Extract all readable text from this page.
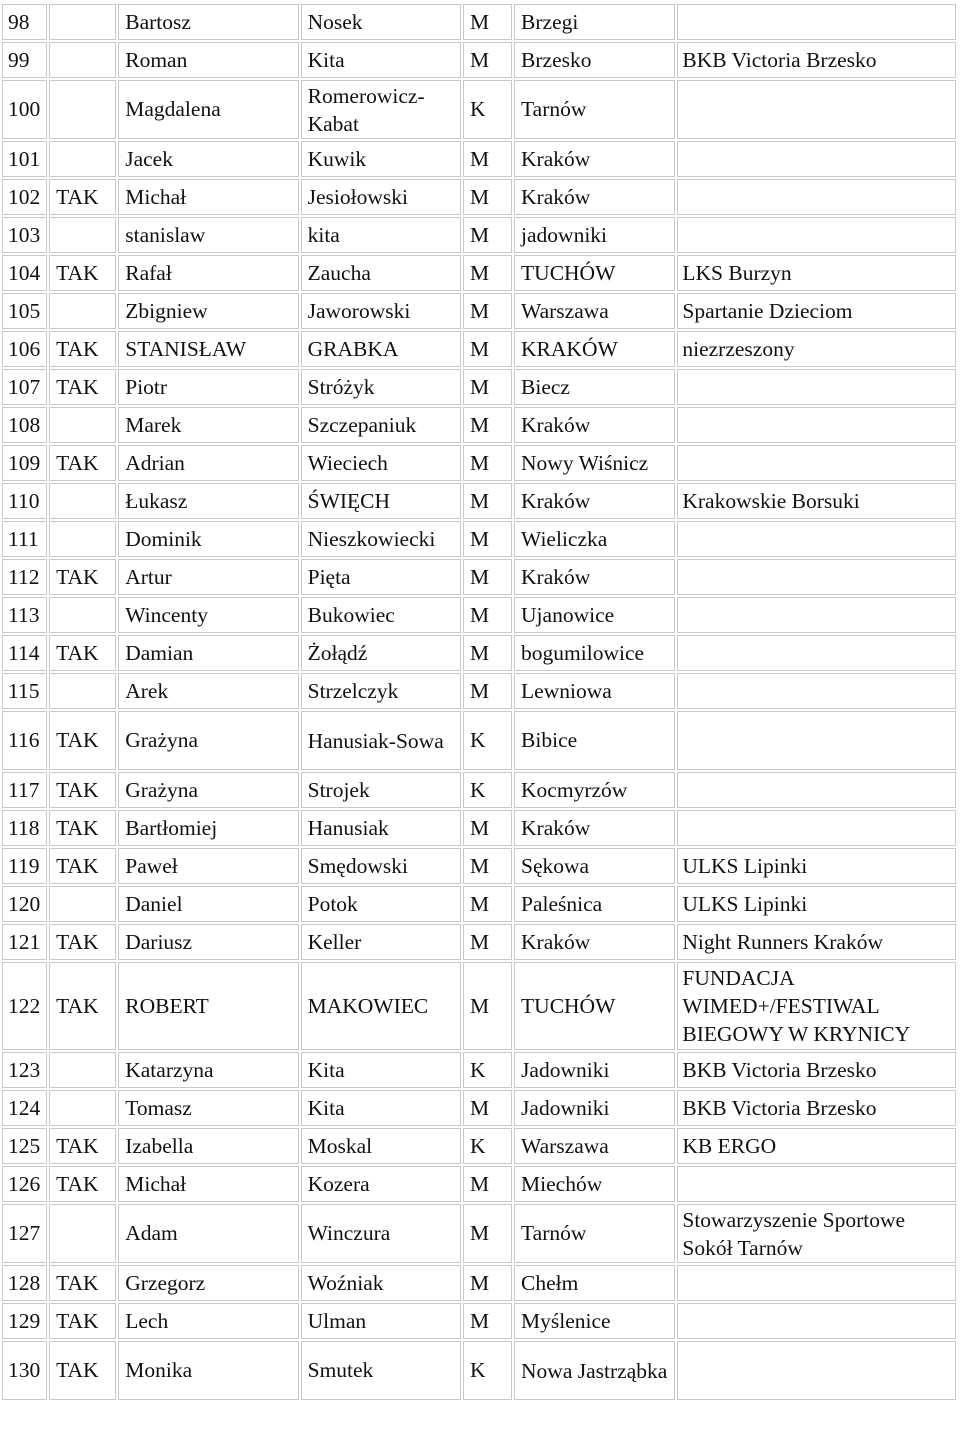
98		Bartosz	Nosek	M	Brzegi	
99		Roman	Kita	M	Brzesko	BKB Victoria Brzesko
100		Magdalena	Romerowicz-Kabat	K	Tarnów	
101		Jacek	Kuwik	M	Kraków	
102	TAK	Michał	Jesiołowski	M	Kraków	
103		stanislaw	kita	M	jadowniki	
104	TAK	Rafał	Zaucha	M	TUCHÓW	LKS Burzyn
105		Zbigniew	Jaworowski	M	Warszawa	Spartanie Dzieciom
106	TAK	STANISŁAW	GRABKA	M	KRAKÓW	niezrzeszony
107	TAK	Piotr	Stróżyk	M	Biecz	
108		Marek	Szczepaniuk	M	Kraków	
109	TAK	Adrian	Wieciech	M	Nowy Wiśnicz	
110		Łukasz	ŚWIĘCH	M	Kraków	Krakowskie Borsuki
111		Dominik	Nieszkowiecki	M	Wieliczka	
112	TAK	Artur	Pięta	M	Kraków	
113		Wincenty	Bukowiec	M	Ujanowice	
114	TAK	Damian	Żołądź	M	bogumilowice	
115		Arek	Strzelczyk	M	Lewniowa	
116	TAK	Grażyna	Hanusiak-Sowa	K	Bibice	
117	TAK	Grażyna	Strojek	K	Kocmyrzów	
118	TAK	Bartłomiej	Hanusiak	M	Kraków	
119	TAK	Paweł	Smędowski	M	Sękowa	ULKS Lipinki
120		Daniel	Potok	M	Paleśnica	ULKS Lipinki
121	TAK	Dariusz	Keller	M	Kraków	Night Runners Kraków
122	TAK	ROBERT	MAKOWIEC	M	TUCHÓW	FUNDACJA WIMED+/FESTIWAL BIEGOWY W KRYNICY
123		Katarzyna	Kita	K	Jadowniki	BKB Victoria Brzesko
124		Tomasz	Kita	M	Jadowniki	BKB Victoria Brzesko
125	TAK	Izabella	Moskal	K	Warszawa	KB ERGO
126	TAK	Michał	Kozera	M	Miechów	
127		Adam	Winczura	M	Tarnów	Stowarzyszenie Sportowe Sokół Tarnów
128	TAK	Grzegorz	Woźniak	M	Chełm	
129	TAK	Lech	Ulman	M	Myślenice	
130	TAK	Monika	Smutek	K	Nowa Jastrząbka	
